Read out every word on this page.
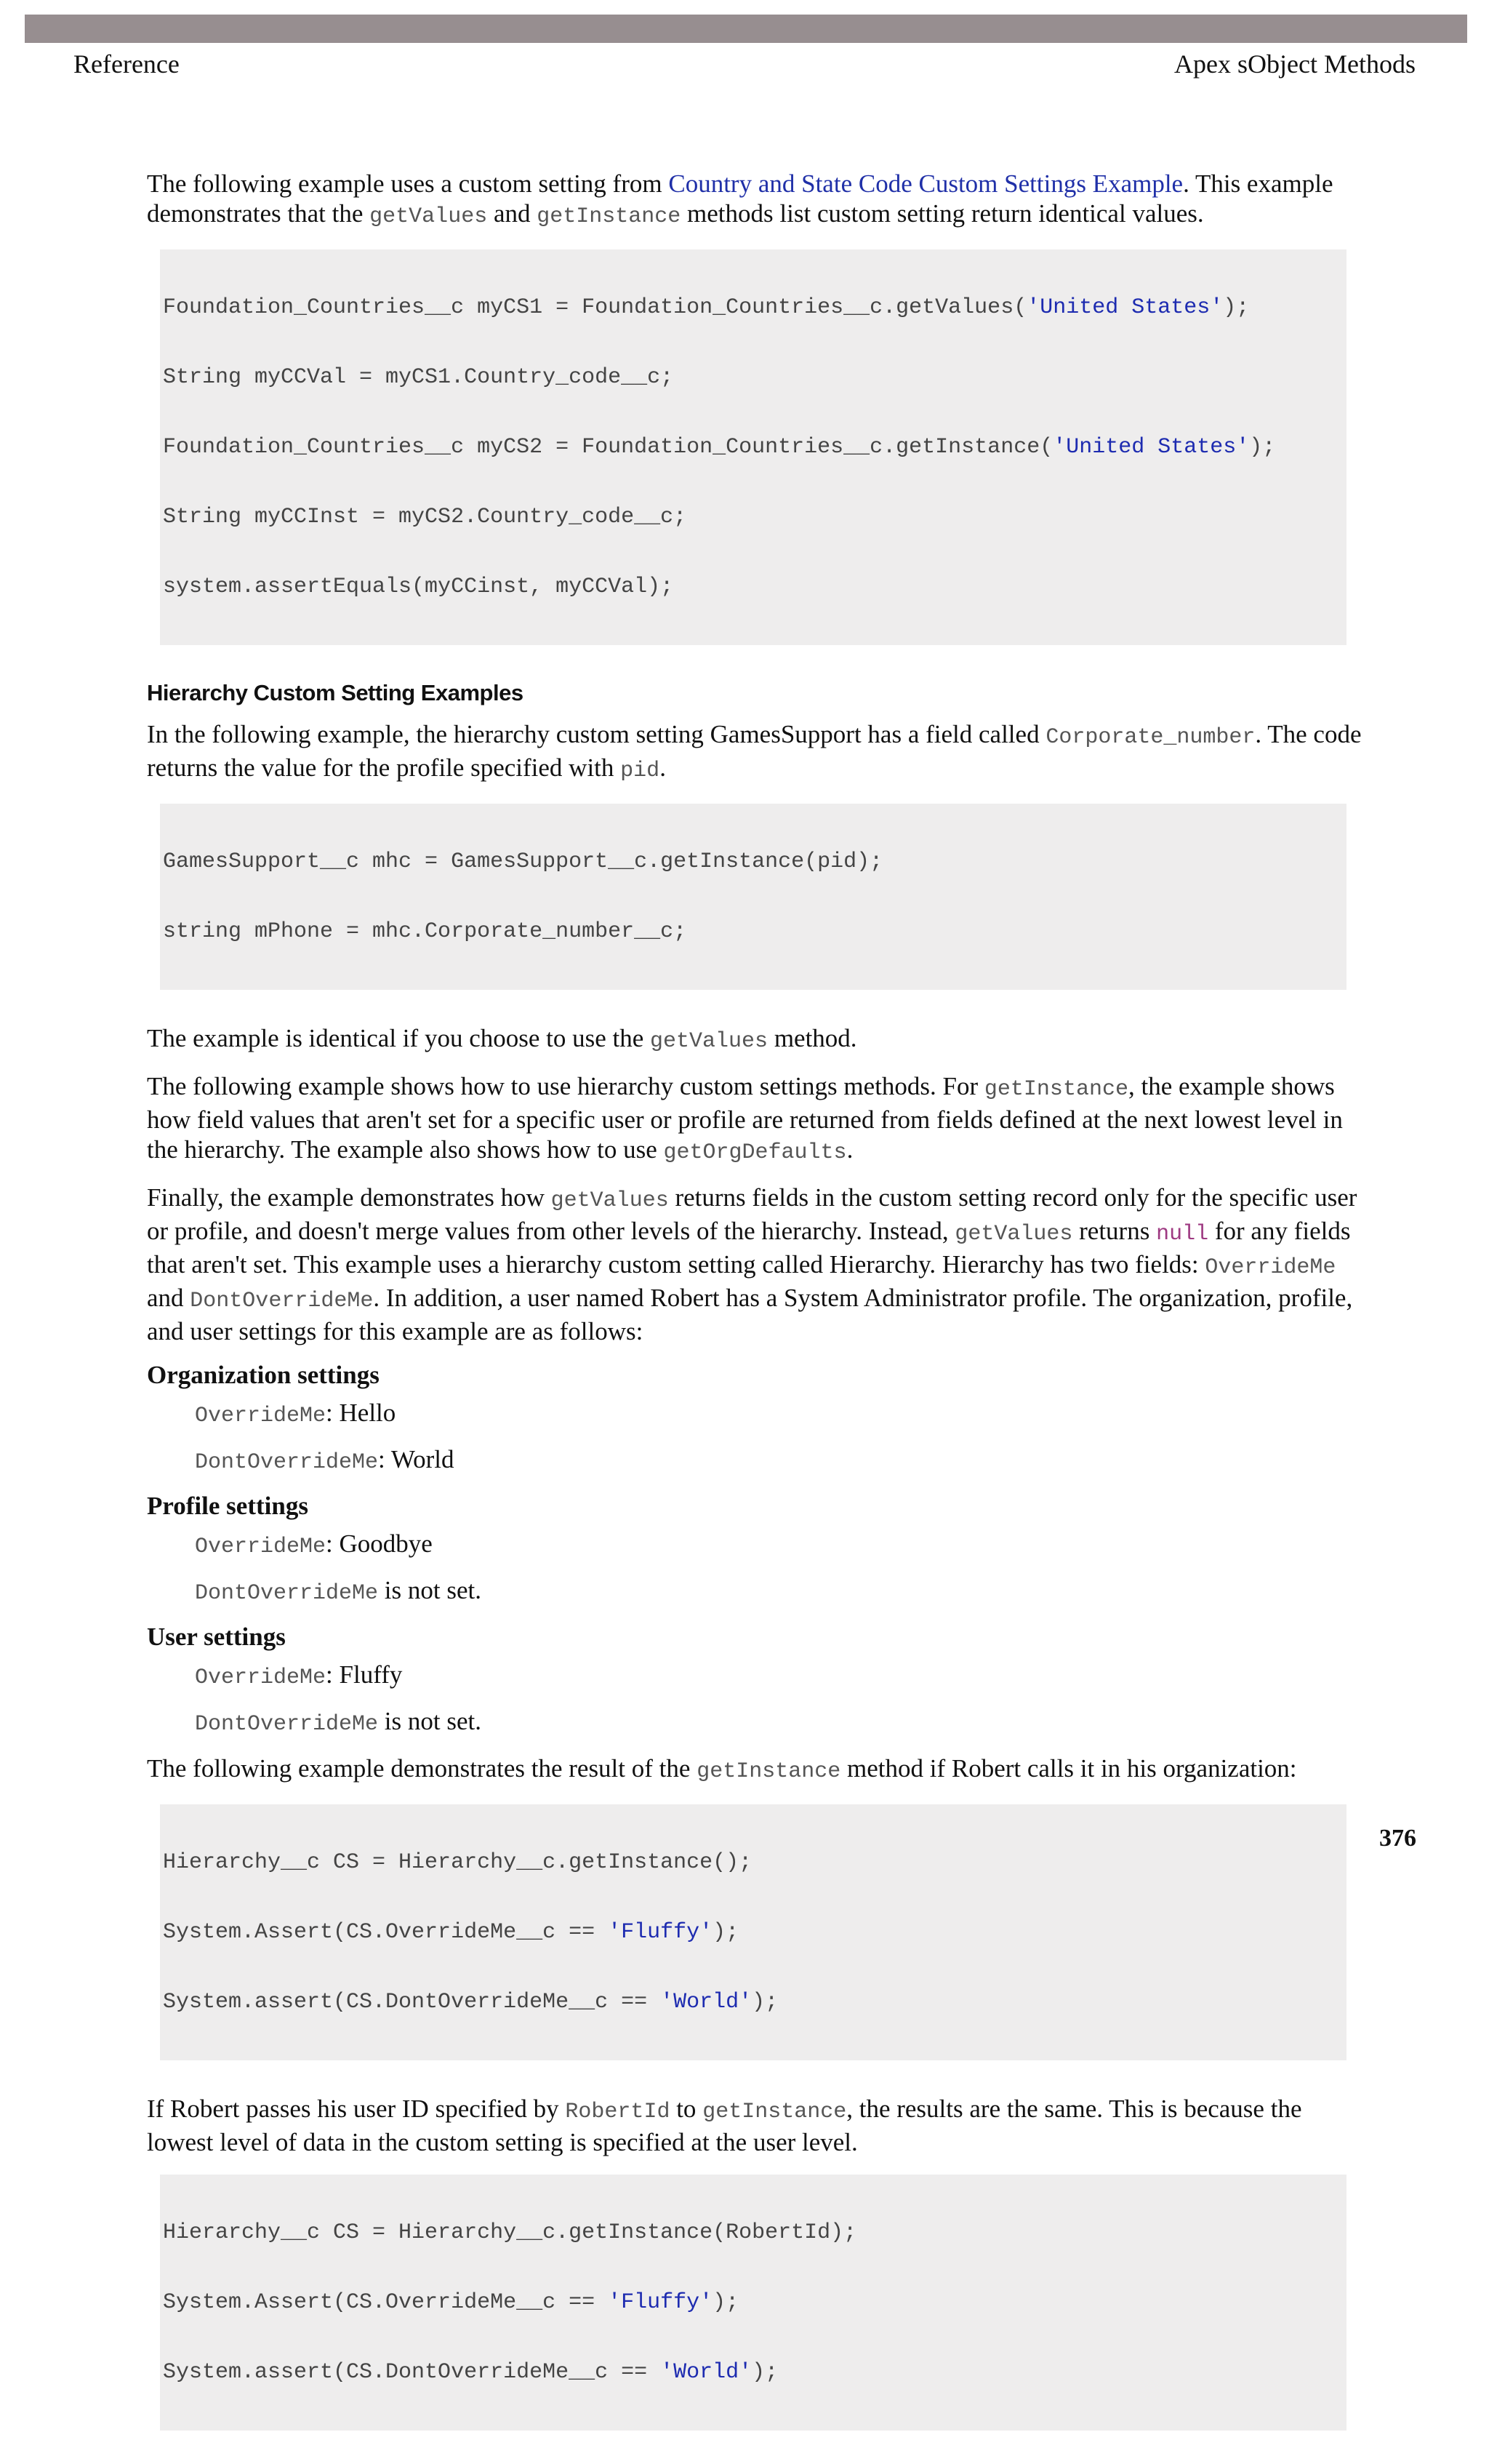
Reference	Apex sObject Methods

The following example uses a custom setting from Country and State Code Custom Settings Example. This example demonstrates that the getValues and getInstance methods list custom setting return identical values.

Foundation_Countries__c myCS1 = Foundation_Countries__c.getValues('United States');

String myCCVal = myCS1.Country_code__c;

Foundation_Countries__c myCS2 = Foundation_Countries__c.getInstance('United States');

String myCCInst = myCS2.Country_code__c;

system.assertEquals(myCCinst, myCCVal);

Hierarchy Custom Setting Examples

In the following example, the hierarchy custom setting GamesSupport has a field called Corporate_number. The code returns the value for the profile specified with pid.

GamesSupport__c mhc = GamesSupport__c.getInstance(pid);

string mPhone = mhc.Corporate_number__c;

The example is identical if you choose to use the getValues method.

The following example shows how to use hierarchy custom settings methods. For getInstance, the example shows how field values that aren't set for a specific user or profile are returned from fields defined at the next lowest level in the hierarchy. The example also shows how to use getOrgDefaults.

Finally, the example demonstrates how getValues returns fields in the custom setting record only for the specific user or profile, and doesn't merge values from other levels of the hierarchy. Instead, getValues returns null for any fields that aren't set. This example uses a hierarchy custom setting called Hierarchy. Hierarchy has two fields: OverrideMe and DontOverrideMe. In addition, a user named Robert has a System Administrator profile. The organization, profile, and user settings for this example are as follows:

Organization settings
OverrideMe: Hello
DontOverrideMe: World
Profile settings
OverrideMe: Goodbye
DontOverrideMe is not set.
User settings
OverrideMe: Fluffy
DontOverrideMe is not set.

The following example demonstrates the result of the getInstance method if Robert calls it in his organization:

Hierarchy__c CS = Hierarchy__c.getInstance();

System.Assert(CS.OverrideMe__c == 'Fluffy');

System.assert(CS.DontOverrideMe__c == 'World');

If Robert passes his user ID specified by RobertId to getInstance, the results are the same. This is because the lowest level of data in the custom setting is specified at the user level.

Hierarchy__c CS = Hierarchy__c.getInstance(RobertId);

System.Assert(CS.OverrideMe__c == 'Fluffy');

System.assert(CS.DontOverrideMe__c == 'World');

376
